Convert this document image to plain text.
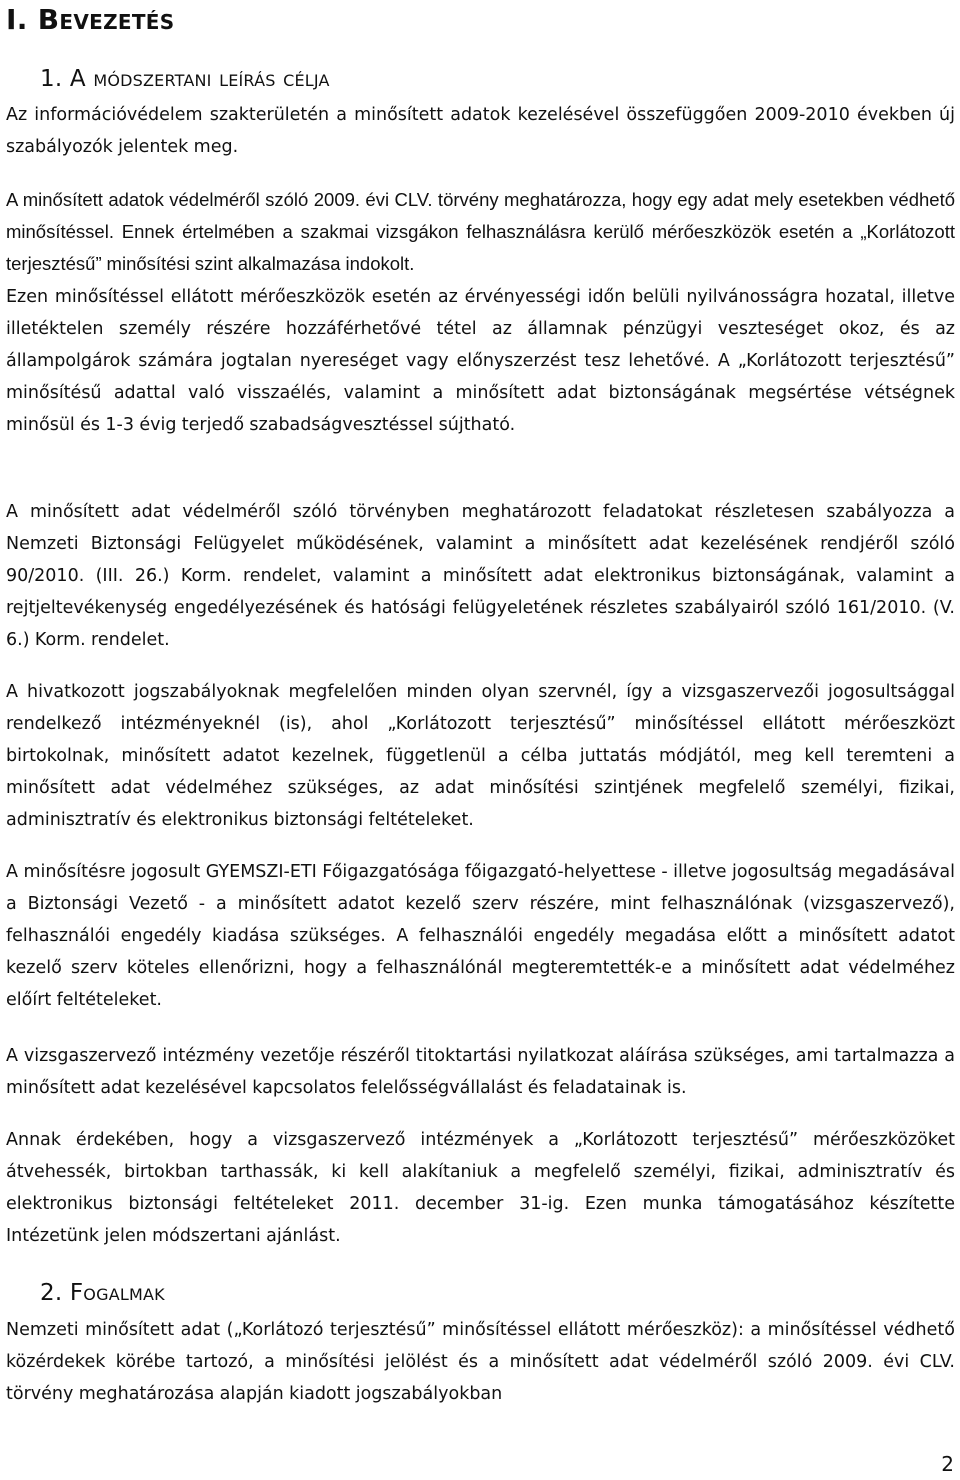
I. Bevezetés
1. A módszertani leírás célja

Az információvédelem szakterületén a minősített adatok kezelésével összefüggően 2009-2010 években új szabályozók jelentek meg.

A minősített adatok védelméről szóló 2009. évi CLV. törvény meghatározza, hogy egy adat mely esetekben védhető minősítéssel. Ennek értelmében a szakmai vizsgákon felhasználásra kerülő mérőeszközök esetén a „Korlátozott terjesztésű” minősítési szint alkalmazása indokolt.

Ezen minősítéssel ellátott mérőeszközök esetén az érvényességi időn belüli nyilvánosságra hozatal, illetve illetéktelen személy részére hozzáférhetővé tétel az államnak pénzügyi veszteséget okoz, és az állampolgárok számára jogtalan nyereséget vagy előnyszerzést tesz lehetővé. A „Korlátozott terjesztésű” minősítésű adattal való visszaélés, valamint a minősített adat biztonságának megsértése vétségnek minősül és 1-3 évig terjedő szabadságvesztéssel sújtható.

A minősített adat védelméről szóló törvényben meghatározott feladatokat részletesen szabályozza a Nemzeti Biztonsági Felügyelet működésének, valamint a minősített adat kezelésének rendjéről szóló 90/2010. (III. 26.) Korm. rendelet, valamint a minősített adat elektronikus biztonságának, valamint a rejtjeltevékenység engedélyezésének és hatósági felügyeletének részletes szabályairól szóló 161/2010. (V. 6.) Korm. rendelet.

A hivatkozott jogszabályoknak megfelelően minden olyan szervnél, így a vizsgaszervezői jogosultsággal rendelkező intézményeknél (is), ahol „Korlátozott terjesztésű” minősítéssel ellátott mérőeszközt birtokolnak, minősített adatot kezelnek, függetlenül a célba juttatás módjától, meg kell teremteni a minősített adat védelméhez szükséges, az adat minősítési szintjének megfelelő személyi, fizikai, adminisztratív és elektronikus biztonsági feltételeket.

A minősítésre jogosult GYEMSZI-ETI Főigazgatósága főigazgató-helyettese - illetve jogosultság megadásával a Biztonsági Vezető - a minősített adatot kezelő szerv részére, mint felhasználónak (vizsgaszervező), felhasználói engedély kiadása szükséges. A felhasználói engedély megadása előtt a minősített adatot kezelő szerv köteles ellenőrizni, hogy a felhasználónál megteremtették-e a minősített adat védelméhez előírt feltételeket.

A vizsgaszervező intézmény vezetője részéről titoktartási nyilatkozat aláírása szükséges, ami tartalmazza a minősített adat kezelésével kapcsolatos felelősségvállalást és feladatainak is.

Annak érdekében, hogy a vizsgaszervező intézmények a „Korlátozott terjesztésű” mérőeszközöket átvehessék, birtokban tarthassák, ki kell alakítaniuk a megfelelő személyi, fizikai, adminisztratív és elektronikus biztonsági feltételeket 2011. december 31-ig. Ezen munka támogatásához készítette Intézetünk jelen módszertani ajánlást.

2. Fogalmak

Nemzeti minősített adat („Korlátozó terjesztésű” minősítéssel ellátott mérőeszköz): a minősítéssel védhető közérdekek körébe tartozó, a minősítési jelölést és a minősített adat védelméről szóló 2009. évi CLV. törvény meghatározása alapján kiadott jogszabályokban

2
